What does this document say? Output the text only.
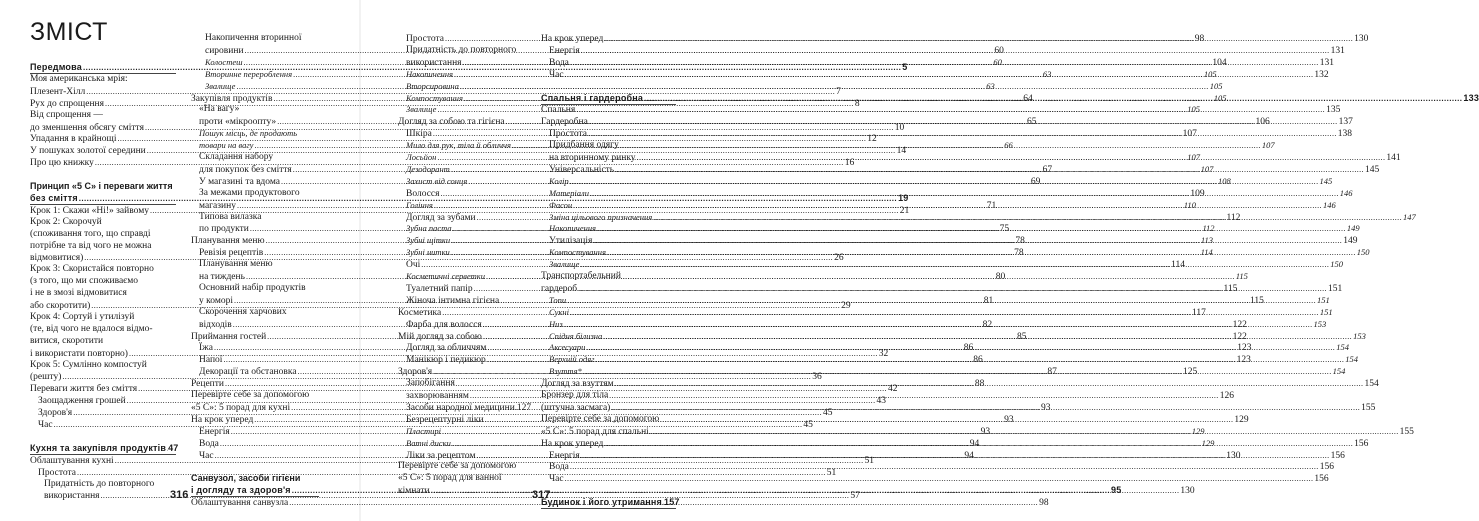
ЗМІСТ
Передмова .....	5
Моя американська мрія:
Плезент-Хілл .....	7
Рух до спрощення .....	8
Від спрощення —
до зменшення обсягу сміття .....	10
Упадання в крайнощі .....	12
У пошуках золотої середини .....	14
Про цю книжку .....	16
Принцип «5 С» і переваги життя
без сміття .....	19
Крок 1: Скажи «Ні!» зайвому .....	21
Крок 2: Скорочуй
(споживання того, що справді
потрібне та від чого не можна
відмовитися) .....	26
Крок 3: Скористайся повторно
(з того, що ми споживаємо
і не в змозі відмовитися
або скоротити) .....	29
Крок 4: Сортуй і утилізуй
(те, від чого не вдалося відмо-
витися, скоротити
і використати повторно) .....	32
Крок 5: Сумлінно компостуй
(решту) .....	36
Переваги життя без сміття .....	42
Заощадження грошей .....	43
Здоров'я .....	45
Час .....	45
Кухня та закупівля продуктів ..... 47
Облаштування кухні .....	51
Простота .....	51
Придатність до повторного
використання .....	57
Накопичення вторинної
сировини .....	60
Колостеш .....	60
Вторинне перероблення .....	63
Звалище .....	63
Закупівля продуктів .....	64
«На вагу»
проти «мікроопту» .....	65
Пошук місць, де продають
товари на вагу .....	66
Складання набору
для покупок без сміття .....	67
У магазині та вдома .....	69
За межами продуктового
магазину .....	71
Типова вилазка
по продукти .....	75
Планування меню .....	78
Ревізія рецептів .....	78
Планування меню
на тиждень .....	80
Основний набір продуктів
у коморі .....	81
Скорочення харчових
відходів .....	82
Приймання гостей .....	85
Їжа .....	86
Напої .....	86
Декорації та обстановка .....	87
Рецепти .....	88
Перевірте себе за допомогою
«5 С»: 5 порад для кухні .....	93
На крок уперед .....	93
Енергія .....	93
Вода .....	94
Час .....	94
Санвузол, засоби гігієни
і догляду та здоров'я .....	95
Облаштування санвузла .....	98
Простота .....	98
Придатність до повторного
використання .....	104
Накопичення .....	105
Вторсировина .....	105
Компостування .....	105
Звалище .....	105
Догляд за собою та гігієна .....	106
Шкіра .....	107
Мило для рук, тіла й обличчя .....	107
Лосьйон .....	107
Дезодорант .....	107
Захист від сонця .....	108
Волосся .....	109
Гоління .....	110
Догляд за зубами .....	112
Зубна паста .....	112
Зубні щітки .....	113
Зубні нитки .....	114
Очі .....	114
Косметичні серветки .....	115
Туалетний папір .....	115
Жіноча інтимна гігієна .....	115
Косметика .....	117
Фарба для волосся .....	122
Мій догляд за собою .....	122
Догляд за обличчям .....	123
Манікюр і педикюр .....	123
Здоров'я .....	125
Запобігання
захворюванням .....	126
Засоби народної медицини ..... 127
Безрецептурні ліки .....	129
Пластирі .....	129
Ватні диски .....	129
Ліки за рецептом .....	130
Перевірте себе за допомогою
«5 С»: 5 порад для ванної
кімнати .....	130
На крок уперед .....	130
Енергія .....	131
Вода .....	131
Час .....	132
Спальня і гардеробна .....	133
Спальня .....	135
Гардеробна .....	137
Простота .....	138
Придбання одягу
на вторинному ринку .....	141
Універсальність .....	145
Колір .....	145
Матеріали .....	146
Фасон .....	146
Зміна цільового призначення .....	147
Накопичення .....	149
Утилізація .....	149
Компостування .....	150
Звалище .....	150
Транспортабельний
гардероб .....	151
Топи .....	151
Сукні .....	151
Низ .....	153
Спідня білизна .....	153
Аксесуари .....	154
Верхній одяг .....	154
Взуття* .....	154
Догляд за взуттям .....	154
Бронзер для тіла
(штучна засмага) .....	155
Перевірте себе за допомогою
«5 С»: 5 порад для спальні .....	155
На крок уперед .....	156
Енергія .....	156
Вода .....	156
Час .....	156
Будинок і його утримання ..... 157
316	317
